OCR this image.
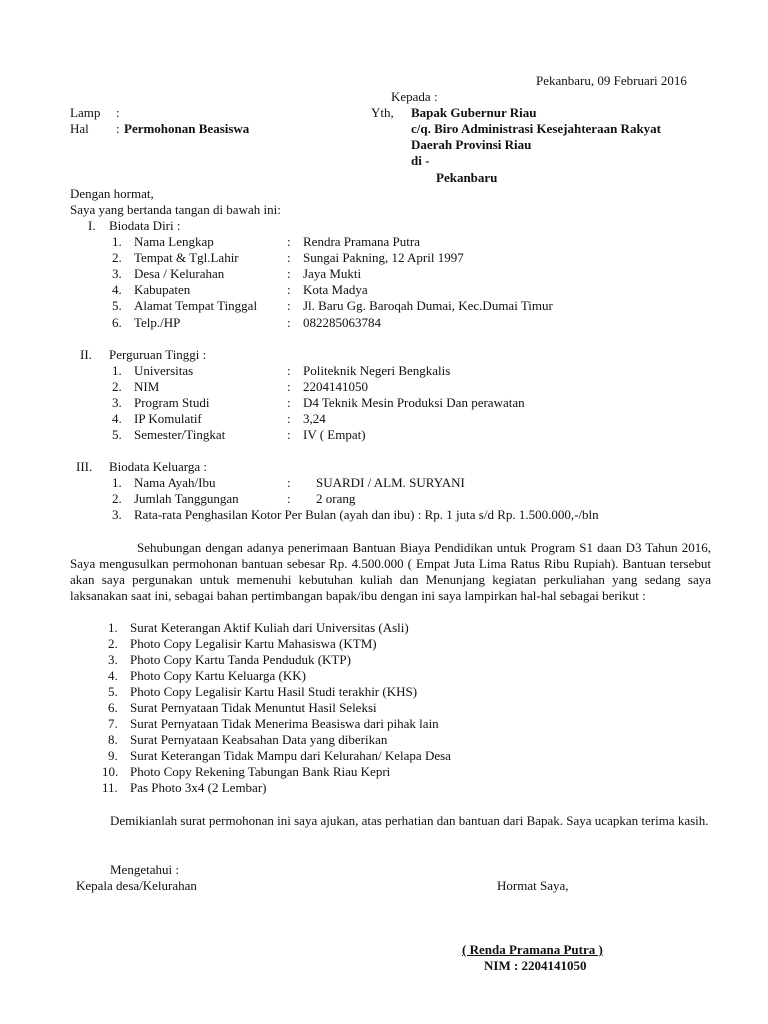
Pekanbaru, 09 Februari 2016
Kepada :
Lamp :
Hal : Permohonan Beasiswa
Yth, Bapak Gubernur Riau
c/q. Biro Administrasi Kesejahteraan Rakyat
Daerah Provinsi Riau
di -
Pekanbaru
Dengan hormat,
Saya yang bertanda tangan di bawah ini:
I. Biodata Diri :
1. Nama Lengkap	: Rendra Pramana Putra
2. Tempat & Tgl.Lahir	: Sungai Pakning, 12 April 1997
3. Desa / Kelurahan	: Jaya Mukti
4. Kabupaten	: Kota Madya
5. Alamat Tempat Tinggal : Jl. Baru Gg. Baroqah Dumai, Kec.Dumai Timur
6. Telp./HP	: 082285063784
II. Perguruan Tinggi :
1. Universitas	: Politeknik Negeri Bengkalis
2. NIM	: 2204141050
3. Program Studi	: D4 Teknik Mesin Produksi Dan perawatan
4. IP Komulatif	: 3,24
5. Semester/Tingkat	: IV ( Empat)
III. Biodata Keluarga :
1. Nama Ayah/Ibu	: SUARDI / ALM. SURYANI
2. Jumlah Tanggungan	: 2 orang
3. Rata-rata Penghasilan Kotor Per Bulan (ayah dan ibu) : Rp. 1 juta s/d Rp. 1.500.000,-/bln
Sehubungan dengan adanya penerimaan Bantuan Biaya Pendidikan untuk Program S1 daan D3 Tahun 2016, Saya mengusulkan permohonan bantuan sebesar Rp. 4.500.000 ( Empat Juta Lima Ratus Ribu Rupiah). Bantuan tersebut akan saya pergunakan untuk memenuhi kebutuhan kuliah dan Menunjang kegiatan perkuliahan yang sedang saya laksanakan saat ini, sebagai bahan pertimbangan bapak/ibu dengan ini saya lampirkan hal-hal sebagai berikut :
1. Surat Keterangan Aktif Kuliah dari Universitas (Asli)
2. Photo Copy Legalisir Kartu Mahasiswa (KTM)
3. Photo Copy Kartu Tanda Penduduk (KTP)
4. Photo Copy Kartu Keluarga (KK)
5. Photo Copy Legalisir Kartu Hasil Studi terakhir (KHS)
6. Surat Pernyataan Tidak Menuntut Hasil Seleksi
7. Surat Pernyataan Tidak Menerima Beasiswa dari pihak lain
8. Surat Pernyataan Keabsahan Data yang diberikan
9. Surat Keterangan Tidak Mampu dari Kelurahan/ Kelapa Desa
10. Photo Copy Rekening Tabungan Bank Riau Kepri
11. Pas Photo 3x4 (2 Lembar)
Demikianlah surat permohonan ini saya ajukan, atas perhatian dan bantuan dari Bapak. Saya ucapkan terima kasih.
Mengetahui :
Kepala desa/Kelurahan	Hormat Saya,
( Renda Pramana Putra )
NIM : 2204141050
